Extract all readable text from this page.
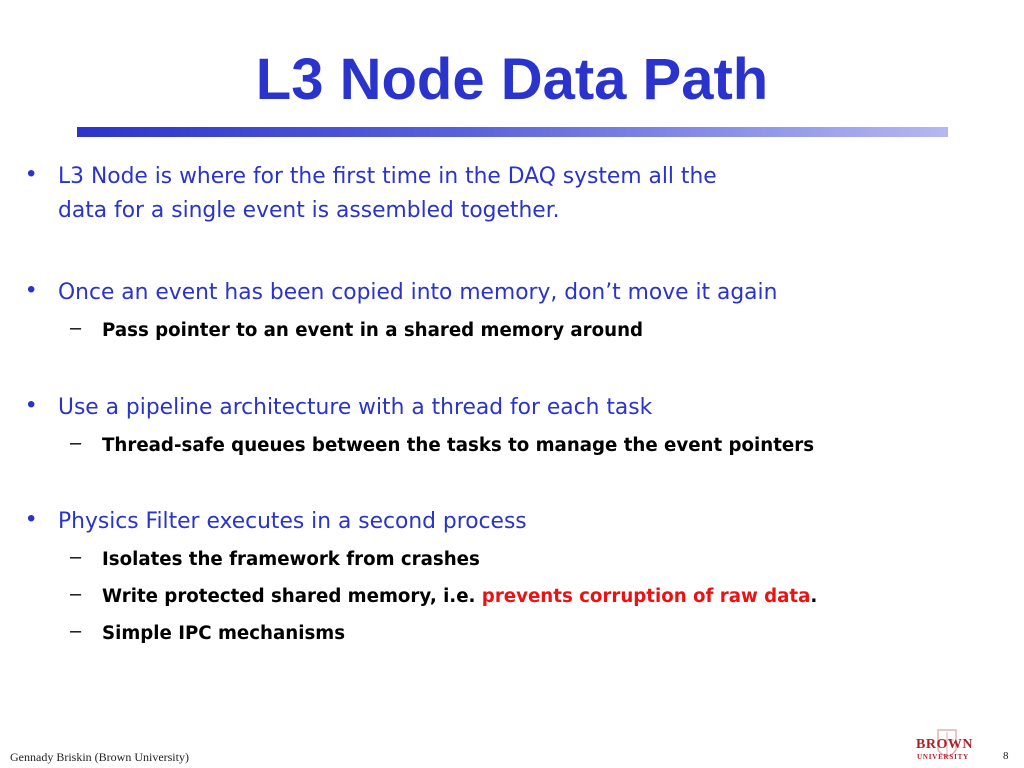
L3 Node Data Path
• L3 Node is where for the first time in the DAQ system all the
data for a single event is assembled together.
• Once an event has been copied into memory, don’t move it again
– Pass pointer to an event in a shared memory around
• Use a pipeline architecture with a thread for each task
– Thread-safe queues between the tasks to manage the event pointers
• Physics Filter executes in a second process
– Isolates the framework from crashes
– Write protected shared memory, i.e. prevents corruption of raw data.
– Simple IPC mechanisms
Gennady Briskin (Brown University)
BROWN
UNIVERSITY	8
